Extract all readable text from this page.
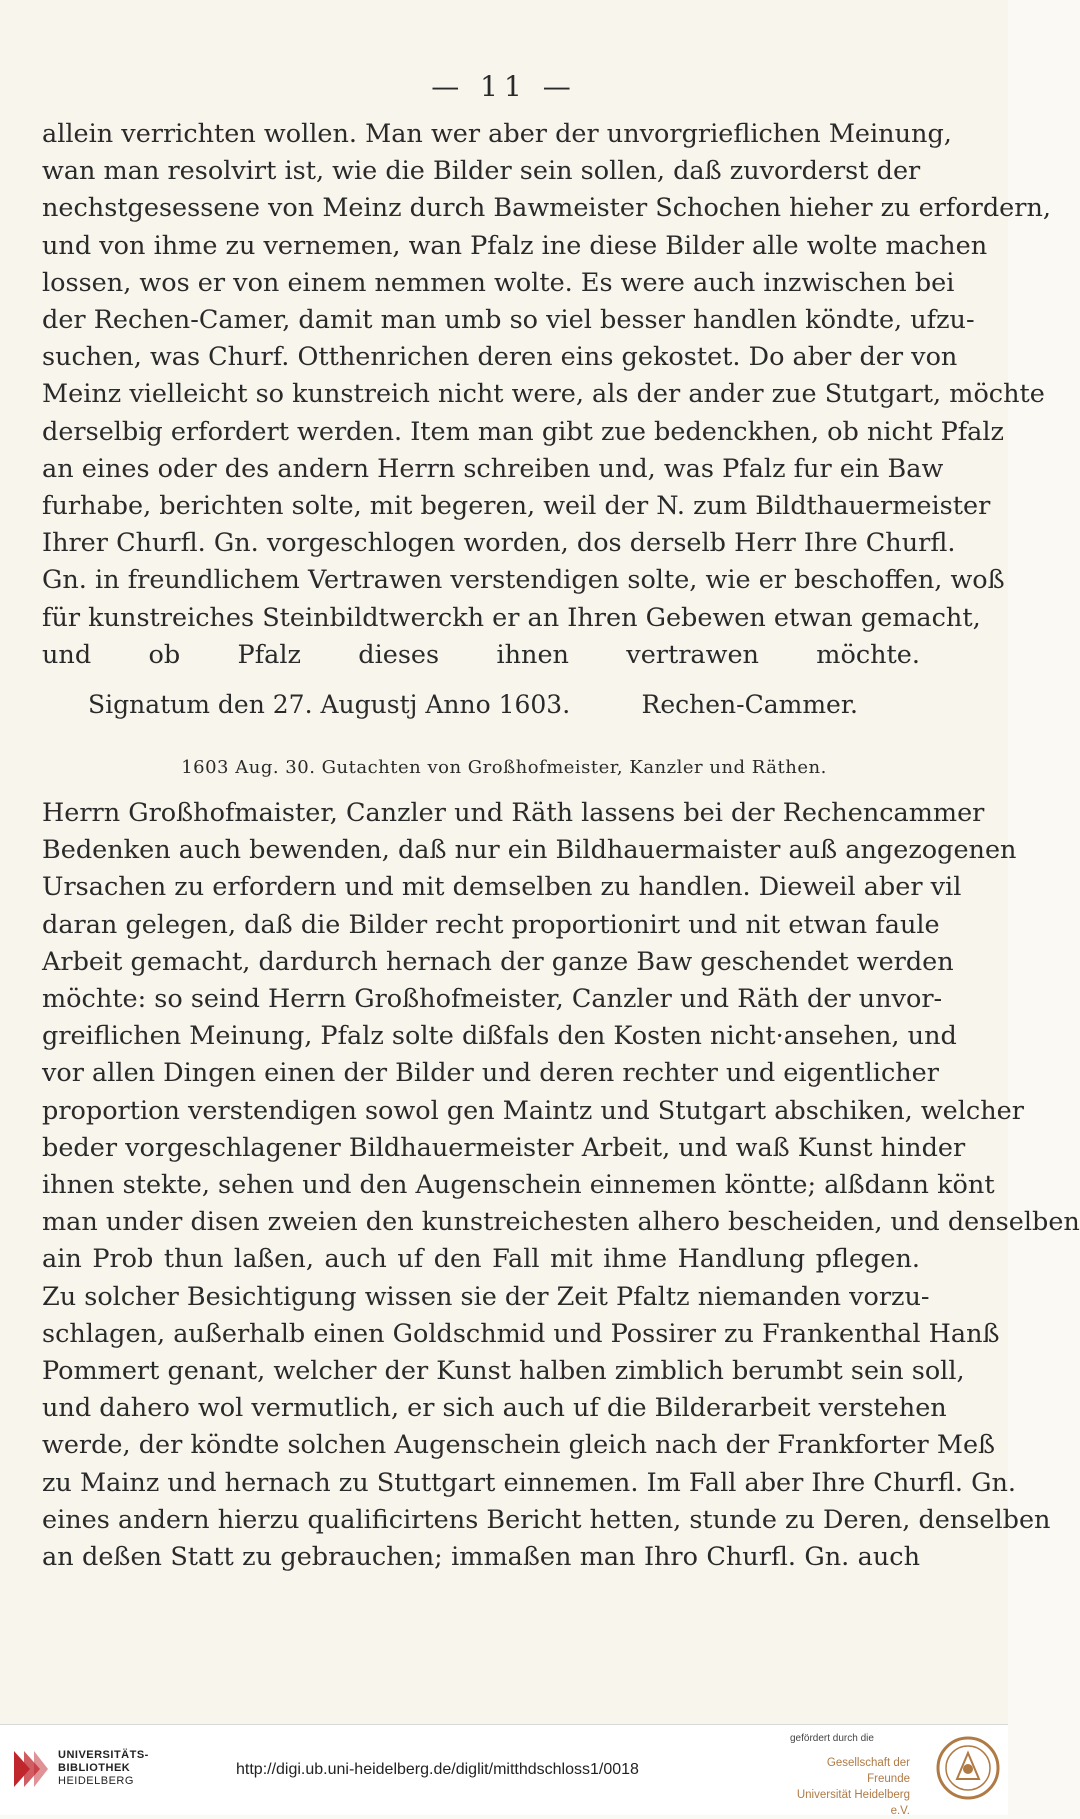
— 11 —
allein verrichten wollen. Man wer aber der unvorgrieflichen Meinung,
wan man resolvirt ist, wie die Bilder sein sollen, daß zuvorderst der
nechstgesessene von Meinz durch Bawmeister Schochen hieher zu erfordern,
und von ihme zu vernemen, wan Pfalz ine diese Bilder alle wolte machen
lossen, wos er von einem nemmen wolte. Es were auch inzwischen bei
der Rechen-Camer, damit man umb so viel besser handlen köndte, ufzu-
suchen, was Churf. Otthenrichen deren eins gekostet. Do aber der von
Meinz vielleicht so kunstreich nicht were, als der ander zue Stutgart, möchte
derselbig erfordert werden. Item man gibt zue bedenckhen, ob nicht Pfalz
an eines oder des andern Herrn schreiben und, was Pfalz fur ein Baw
furhabe, berichten solte, mit begeren, weil der N. zum Bildthauermeister
Ihrer Churfl. Gn. vorgeschlogen worden, dos derselb Herr Ihre Churfl.
Gn. in freundlichem Vertrawen verstendigen solte, wie er beschoffen, woß
für kunstreiches Steinbildtwerckh er an Ihren Gebewen etwan gemacht,
und ob Pfalz dieses ihnen vertrawen möchte.
Signatum den 27. Augustj Anno 1603.	Rechen-Cammer.
1603 Aug. 30. Gutachten von Großhofmeister, Kanzler und Räthen.
Herrn Großhofmaister, Canzler und Räth lassens bei der Rechencammer
Bedenken auch bewenden, daß nur ein Bildhauermaister auß angezogenen
Ursachen zu erfordern und mit demselben zu handlen. Dieweil aber vil
daran gelegen, daß die Bilder recht proportionirt und nit etwan faule
Arbeit gemacht, dardurch hernach der ganze Baw geschendet werden
möchte: so seind Herrn Großhofmeister, Canzler und Räth der unvor-
greiflichen Meinung, Pfalz solte dißfals den Kosten nicht·ansehen, und
vor allen Dingen einen der Bilder und deren rechter und eigentlicher
proportion verstendigen sowol gen Maintz und Stutgart abschiken, welcher
beder vorgeschlagener Bildhauermeister Arbeit, und waß Kunst hinder
ihnen stekte, sehen und den Augenschein einnemen köntte; alßdann könt
man under disen zweien den kunstreichesten alhero bescheiden, und denselben
ain Prob thun laßen, auch uf den Fall mit ihme Handlung pflegen.
Zu solcher Besichtigung wissen sie der Zeit Pfaltz niemanden vorzu-
schlagen, außerhalb einen Goldschmid und Possirer zu Frankenthal Hanß
Pommert genant, welcher der Kunst halben zimblich berumbt sein soll,
und dahero wol vermutlich, er sich auch uf die Bilderarbeit verstehen
werde, der köndte solchen Augenschein gleich nach der Frankforter Meß
zu Mainz und hernach zu Stuttgart einnemen. Im Fall aber Ihre Churfl. Gn.
eines andern hierzu qualificirtens Bericht hetten, stunde zu Deren, denselben
an deßen Statt zu gebrauchen; immaßen man Ihro Churfl. Gn. auch
UNIVERSITÄTS-
BIBLIOTHEK
HEIDELBERG
http://digi.ub.uni-heidelberg.de/diglit/mitthdschloss1/0018
gefördert durch die
Gesellschaft der Freunde
Universität Heidelberg e.V.
